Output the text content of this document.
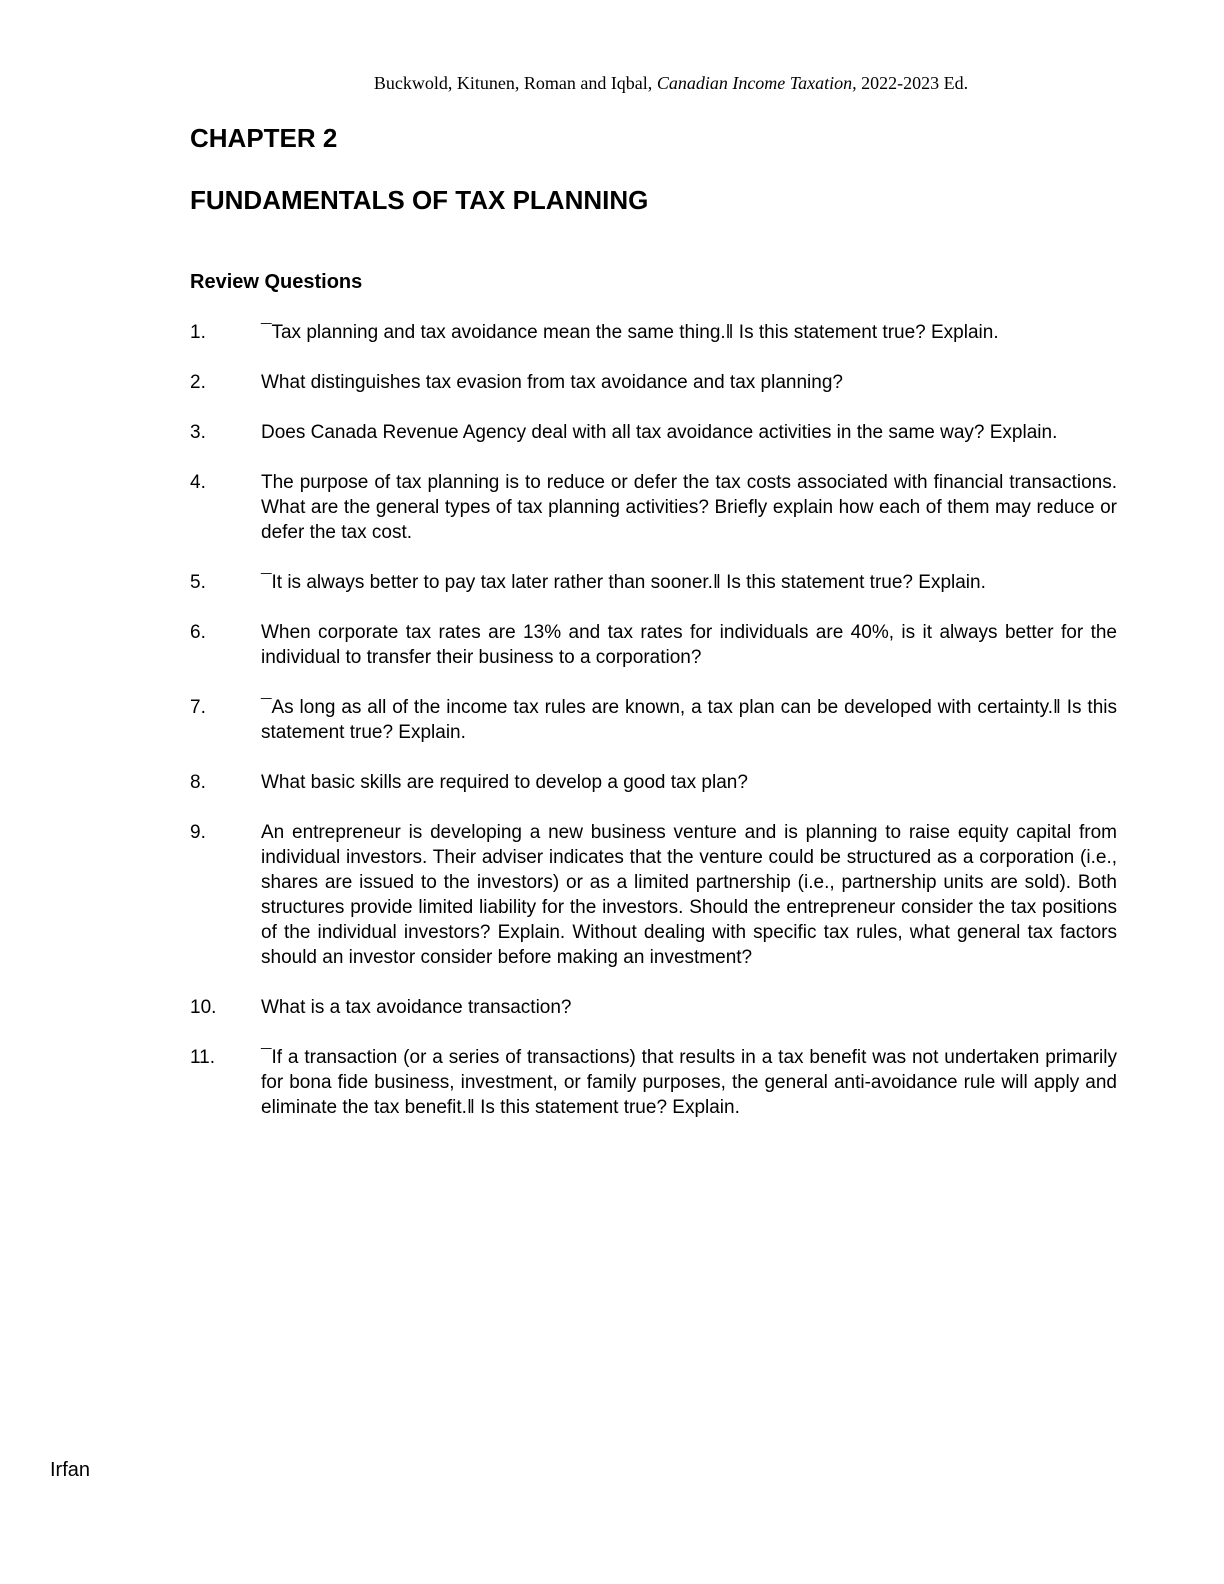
Buckwold, Kitunen, Roman and Iqbal, Canadian Income Taxation, 2022-2023 Ed.
CHAPTER 2
FUNDAMENTALS OF TAX PLANNING
Review Questions
1.	¯Tax planning and tax avoidance mean the same thing.‖ Is this statement true? Explain.
2.	What distinguishes tax evasion from tax avoidance and tax planning?
3.	Does Canada Revenue Agency deal with all tax avoidance activities in the same way? Explain.
4.	The purpose of tax planning is to reduce or defer the tax costs associated with financial transactions. What are the general types of tax planning activities? Briefly explain how each of them may reduce or defer the tax cost.
5.	¯It is always better to pay tax later rather than sooner.‖ Is this statement true? Explain.
6.	When corporate tax rates are 13% and tax rates for individuals are 40%, is it always better for the individual to transfer their business to a corporation?
7.	¯As long as all of the income tax rules are known, a tax plan can be developed with certainty.‖ Is this statement true? Explain.
8.	What basic skills are required to develop a good tax plan?
9.	An entrepreneur is developing a new business venture and is planning to raise equity capital from individual investors. Their adviser indicates that the venture could be structured as a corporation (i.e., shares are issued to the investors) or as a limited partnership (i.e., partnership units are sold). Both structures provide limited liability for the investors. Should the entrepreneur consider the tax positions of the individual investors? Explain. Without dealing with specific tax rules, what general tax factors should an investor consider before making an investment?
10. What is a tax avoidance transaction?
11. ¯If a transaction (or a series of transactions) that results in a tax benefit was not undertaken primarily for bona fide business, investment, or family purposes, the general anti-avoidance rule will apply and eliminate the tax benefit.‖ Is this statement true? Explain.
Irfan
